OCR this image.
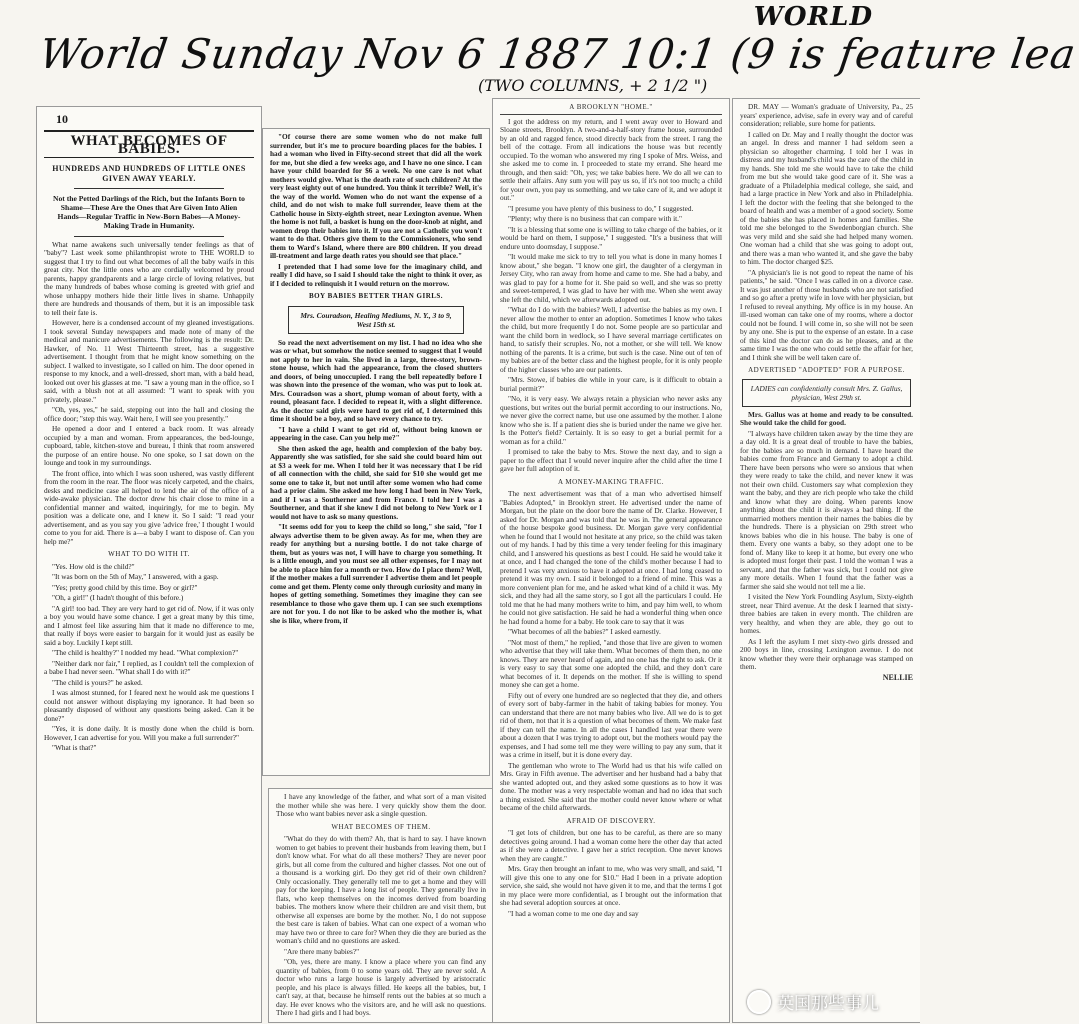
WORLD
World Sunday Nov 6 1887 10:1 (9 is feature lea
(TWO COLUMNS, + 2 1/2 ")
10
WHAT BECOMES OF BABIES.
HUNDREDS AND HUNDREDS OF LITTLE ONES GIVEN AWAY YEARLY.
Not the Petted Darlings of the Rich, but the Infants Born to Shame—These Are the Ones that Are Given Into Alien Hands—Regular Traffic in New-Born Babes—A Money-Making Trade in Humanity.

What name awakens such universally tender feelings as that of "baby"? Last week some philanthropist wrote to THE WORLD to suggest that I try to find out what becomes of all the baby waifs in this great city. Not the little ones who are cordially welcomed by proud parents, happy grandparents and a large circle of loving relatives, but the many hundreds of babes whose coming is greeted with grief and whose unhappy mothers hide their little lives in shame. Unhappily there are hundreds and thousands of them, but it is an impossible task to tell their fate is.

However, here is a condensed account of my gleaned investigations. I took several Sunday newspapers and made note of many of the medical and manicure advertisements. The following is the result: Dr. Hawker, of No. 11 West Thirteenth street, has a suggestive advertisement. I thought from that he might know something on the subject. I walked to investigate, so I called on him. The door opened in response to my knock, and a well-dressed, short man, with a bald head, looked out over his glasses at me. "I saw a young man in the office, so I said, with a blush not at all assumed: "I want to speak with you privately, please."

"Oh, yes, yes," he said, stepping out into the hall and closing the office door; "step this way. Wait here, I will see you presently."

He opened a door and I entered a back room. It was already occupied by a man and woman. From appearances, the bed-lounge, cupboard, table, kitchen-stove and bureau, I think that room answered the purpose of an entire house. No one spoke, so I sat down on the lounge and took in my surroundings.

The front office, into which I was soon ushered, was vastly different from the room in the rear. The floor was nicely carpeted, and the chairs, desks and medicine case all helped to lend the air of the office of a wide-awake physician. The doctor drew his chair close to mine in a confidential manner and waited, inquiringly, for me to begin. My position was a delicate one, and I knew it. So I said: "I read your advertisement, and as you say you give 'advice free,' I thought I would come to you for aid. There is a—a baby I want to dispose of. Can you help me?"

WHAT TO DO WITH IT.

"Yes. How old is the child?"

"It was born on the 5th of May," I answered, with a gasp.

"Yes; pretty good child by this time. Boy or girl?"

"Oh, a girl!" (I hadn't thought of this before.)

"A girl! too bad. They are very hard to get rid of. Now, if it was only a boy you would have some chance. I get a great many by this time, and I almost feel like assuring him that it made no difference to me, that really if boys were easier to bargain for it would just as easily be said a boy. Luckily I kept still.

"The child is healthy?" I nodded my head. "What complexion?"

"Neither dark nor fair," I replied, as I couldn't tell the complexion of a babe I had never seen. "What shall I do with it?"

"The child is yours?" he asked.

I was almost stunned, for I feared next he would ask me questions I could not answer without displaying my ignorance. It had been so pleasantly disposed of without any questions being asked. Can it be done?"

"Yes, it is done daily. It is mostly done when the child is born. However, I can advertise for you. Will you make a full surrender?"

"What is that?"

"Of course there are some women who do not make full surrender, but it's me to procure boarding places for the babies. I had a woman who lived in Fifty-second street that did all the work for me, but she died a few weeks ago, and I have no one since. I can have your child boarded for $6 a week. No one care is not what mothers would give. What is the death rate of such children? At the very least eighty out of one hundred. You think it terrible? Well, it's the way of the world. Women who do not want the expense of a child, and do not wish to make full surrender, leave them at the Catholic house in Sixty-eighth street, near Lexington avenue. When the home is not full, a basket is hung on the door-knob at night, and women drop their babies into it. If you are not a Catholic you won't want to do that. Others give them to the Commissioners, who send them to Ward's Island, where there are 800 children. If you dread ill-treatment and large death rates you should see that place."

I pretended that I had some love for the imaginary child, and really I did have, so I said I should take the night to think it over, as if I decided to relinquish it I would return on the morrow.

BOY BABIES BETTER THAN GIRLS.
Mrs. Couradson, Healing Mediums, N. Y., 3 to 9, West 15th st.

So read the next advertisement on my list. I had no idea who she was or what, but somehow the notice seemed to suggest that I would not apply to her in vain. She lived in a large, three-story, brown-stone house, which had the appearance, from the closed shutters and doors, of being unoccupied. I rang the bell repeatedly before I was shown into the presence of the woman, who was put to look at. Mrs. Couradson was a short, plump woman of about forty, with a round, pleasant face. I decided to repeat it, with a slight difference. As the doctor said girls were hard to get rid of, I determined this time it should be a boy, and so have every chance to try.

"I have a child I want to get rid of, without being known or appearing in the case. Can you help me?"

She then asked the age, health and complexion of the baby boy. Apparently she was satisfied, for she said she could board him out at $3 a week for me. When I told her it was necessary that I be rid of all connection with the child, she said for $10 she would get me some one to take it, but not until after some women who had come had a prior claim. She asked me how long I had been in New York, and if I was a Southerner and from France. I told her I was a Southerner, and that if she knew I did not belong to New York or I would not have to ask so many questions.

"It seems odd for you to keep the child so long," she said, "for I always advertise them to be given away. As for me, when they are ready for anything but a nursing bottle. I do not take charge of them, but as yours was not, I will have to charge you something. It is a little enough, and you must see all other expenses, for I may not be able to place him for a month or two. How do I place them? Well, if the mother makes a full surrender I advertise them and let people come and get them. Plenty come only through curiosity and many in hopes of getting something. Sometimes they imagine they can see resemblance to those who gave them up. I can see such exemptions are not for you. I do not like to be asked who the mother is, what she is like, where from, if

I have any knowledge of the father, and what sort of a man visited the mother while she was here. I very quickly show them the door. Those who want babies never ask a single question.

WHAT BECOMES OF THEM.

"What do they do with them? Ah, that is hard to say. I have known women to get babies to prevent their husbands from leaving them, but I don't know what. For what do all these mothers? They are never poor girls, but all come from the cultured and higher classes. Not one out of a thousand is a working girl. Do they get rid of their own children? Only occasionally. They generally tell me to get a home and they will pay for the keeping. I have a long list of people. They generally live in flats, who keep themselves on the incomes derived from boarding babies. The mothers know where their children are and visit them, but otherwise all expenses are borne by the mother. No, I do not suppose the best care is taken of babies. What can one expect of a woman who may have two or three to care for? When they die they are buried as the woman's child and no questions are asked.

"Are there many babies?"

"Oh, yes, there are many. I know a place where you can find any quantity of babies, from 0 to some years old. They are never sold. A doctor who runs a large house is largely advertised by aristocratic people, and his place is always filled. He keeps all the babies, but, I can't say, at that, because he himself rents out the babies at so much a day. He ever knows who the visitors are, and he will ask no questions. There I had girls and I had boys.

A BROOKLYN "HOME."

I got the address on my return, and I went away over to Howard and Sloane streets, Brooklyn. A two-and-a-half-story frame house, surrounded by an old and ragged fence, stood directly back from the street. I rang the bell of the cottage. From all indications the house was but recently occupied. To the woman who answered my ring I spoke of Mrs. Weiss, and she asked me to come in. I proceeded to state my errand. She heard me through, and then said: "Oh, yes; we take babies here. We do all we can to settle their affairs. Any sum you will pay us so, if it's not too much; a child for your own, you pay us something, and we take care of it, and we adopt it out."

"I presume you have plenty of this business to do," I suggested.

"Plenty; why there is no business that can compare with it."

"It is a blessing that some one is willing to take charge of the babies, or it would be hard on them, I suppose," I suggested. "It's a business that will endure unto doomsday, I suppose."

"It would make me sick to try to tell you what is done in many homes I know about," she began. "I know one girl, the daughter of a clergyman in Jersey City, who ran away from home and came to me. She had a baby, and was glad to pay for a home for it. She paid so well, and she was so pretty and sweet-tempered, I was glad to have her with me. When she went away she left the child, which we afterwards adopted out.

"What do I do with the babies? Well, I advertise the babies as my own. I never allow the mother to enter an adoption. Sometimes I know who takes the child, but more frequently I do not. Some people are so particular and want the child born in wedlock, so I have several marriage certificates on hand, to satisfy their scruples. No, not a mother, or she will tell. We know nothing of the parents. It is a crime, but such is the case. Nine out of ten of my babies are of the better class and the highest people, for it is only people of the higher classes who are our patients.

"Mrs. Stowe, if babies die while in your care, is it difficult to obtain a burial permit?"

"No, it is very easy. We always retain a physician who never asks any questions, but writes out the burial permit according to our instructions. No, we never give the correct name, but use one assumed by the mother. I alone know who she is. If a patient dies she is buried under the name we give her. Is the Potter's field? Certainly. It is so easy to get a burial permit for a woman as for a child."

I promised to take the baby to Mrs. Stowe the next day, and to sign a paper to the effect that I would never inquire after the child after the time I gave her full adoption of it.

A MONEY-MAKING TRAFFIC.

The next advertisement was that of a man who advertised himself "Babies Adopted," in Brooklyn street. He advertised under the name of Morgan, but the plate on the door bore the name of Dr. Clarke. However, I asked for Dr. Morgan and was told that he was in. The general appearance of the house bespoke good business. Dr. Morgan gave very confidential when he found that I would not hesitate at any price, so the child was taken out of my hands. I had by this time a very tender feeling for this imaginary child, and I answered his questions as best I could. He said he would take it at once, and I had changed the tone of the child's mother because I had to pretend I was very anxious to have it adopted at once. I had long ceased to pretend it was my own. I said it belonged to a friend of mine. This was a more convenient plan for me, and he asked what kind of a child it was. My sick, and they had all the same story, so I got all the particulars I could. He told me that he had many mothers write to him, and pay him well, to whom he could not give satisfaction. He said he had a wonderful thing when once he had found a home for a baby. He took care to say that it was

"What becomes of all the babies?" I asked earnestly.

"Not most of them," he replied, "and those that live are given to women who advertise that they will take them. What becomes of them then, no one knows. They are never heard of again, and no one has the right to ask. Or it is very easy to say that some one adopted the child, and they don't care what becomes of it. It depends on the mother. If she is willing to spend money she can get a home.

Fifty out of every one hundred are so neglected that they die, and others of every sort of baby-farmer in the habit of taking babies for money. You can understand that there are not many babies who live. All we do is to get rid of them, not that it is a question of what becomes of them. We make fast if they can tell the name. In all the cases I handled last year there were about a dozen that I was trying to adopt out, but the mothers would pay the expenses, and I had some tell me they were willing to pay any sum, that it was a crime in itself, but it is done every day.

The gentleman who wrote to The World had us that his wife called on Mrs. Gray in Fifth avenue. The advertiser and her husband had a baby that she wanted adopted out, and they asked some questions as to how it was done. The mother was a very respectable woman and had no idea that such a thing existed. She said that the mother could never know where or what became of the child afterwards.

AFRAID OF DISCOVERY.

"I get lots of children, but one has to be careful, as there are so many detectives going around. I had a woman come here the other day that acted as if she were a detective. I gave her a strict reception. One never knows when they are caught."

Mrs. Gray then brought an infant to me, who was very small, and said, "I will give this one to any one for $10." Had I been in a private adoption service, she said, she would not have given it to me, and that the terms I got in my place were more confidential, as I brought out the information that she had several adoption sources at once.

"I had a woman come to me one day and say

DR. MAY — Woman's graduate of University, Pa., 25 years' experience, advise, safe in every way and of careful consideration; reliable, sure home for patients.

I called on Dr. May and I really thought the doctor was an angel. In dress and manner I had seldom seen a physician so altogether charming. I told her I was in distress and my husband's child was the care of the child in my hands. She told me she would have to take the child from me but she would take good care of it. She was a graduate of a Philadelphia medical college, she said, and had a large practice in New York and also in Philadelphia. I left the doctor with the feeling that she belonged to the board of health and was a member of a good society. Some of the babies she has placed in homes and families. She told me she belonged to the Swedenborgian church. She was very mild and she said she had helped many women. One woman had a child that she was going to adopt out, and there was a man who wanted it, and she gave the baby to him. The doctor charged $25.

"A physician's lie is not good to repeat the name of his patients," he said. "Once I was called in on a divorce case. It was just another of those husbands who are not satisfied and so go after a pretty wife in love with her physician, but I refused to reveal anything. My office is in my house. An ill-used woman can take one of my rooms, where a doctor could not be found. I will come in, so she will not be seen by any one. She is put to the expense of an estate. In a case of this kind the doctor can do as he pleases, and at the same time I was the one who could settle the affair for her, and I think she will be well taken care of.

ADVERTISED "ADOPTED" FOR A PURPOSE.
LADIES can confidentially consult Mrs. Z. Gallus, physician, West 29th st.

Mrs. Gallus was at home and ready to be consulted. She would take the child for good.

"I always have children taken away by the time they are a day old. It is a great deal of trouble to have the babies, for the babies are so much in demand. I have heard the babies come from France and Germany to adopt a child. There have been persons who were so anxious that when they were ready to take the child, and never knew it was not their own child. Customers say what complexion they want the baby, and they are rich people who take the child and know what they are doing. When parents know anything about the child it is always a bad thing. If the unmarried mothers mention their names the babies die by the hundreds. There is a physician on 29th street who knows babies who die in his house. The baby is one of them. Every one wants a baby, so they adopt one to be fond of. Many like to keep it at home, but every one who is adopted must forget their past. I told the woman I was a servant, and that the father was sick, but I could not give any more details. When I found that the father was a farmer she said she would not tell me a lie.

I visited the New York Foundling Asylum, Sixty-eighth street, near Third avenue. At the desk I learned that sixty-three babies are taken in every month. The children are very healthy, and when they are able, they go out to homes.

As I left the asylum I met sixty-two girls dressed and 200 boys in line, crossing Lexington avenue. I do not know whether they were their orphanage was stamped on them.

NELLIE
英国那些事儿
